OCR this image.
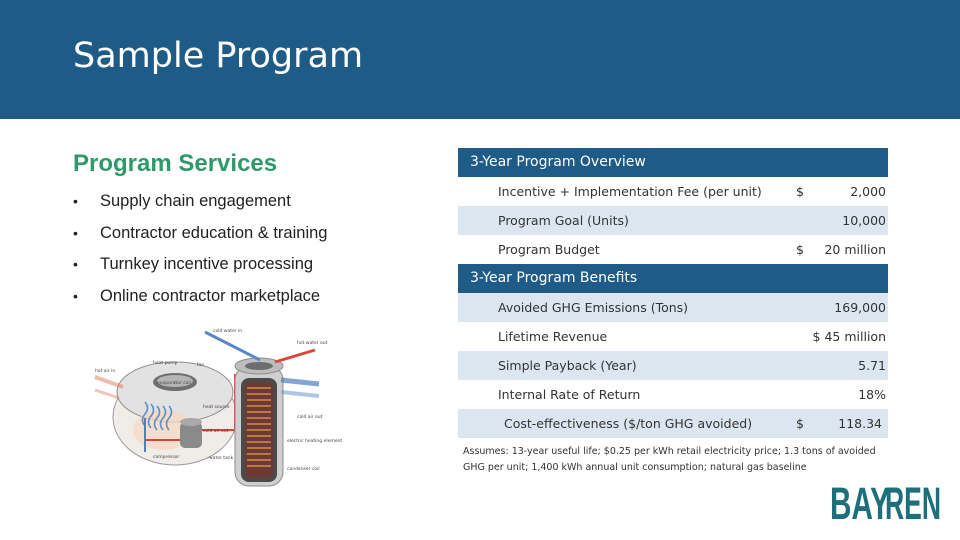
Sample Program
Program Services
• Supply chain engagement
• Contractor education & training
• Turnkey incentive processing
• Online contractor marketplace
cold water in
hot air in
heat pump
evaporator coil
fan
hot water out
heat source
cold air out
cold air out
compressor	water tank
electric heating element
condenser coil
3-Year Program Overview
Incentive + Implementation Fee (per unit)	$	2,000
Program Goal (Units)	10,000
Program Budget	$ 20 million
3-Year Program Benefits
Avoided GHG Emissions (Tons)	169,000
Lifetime Revenue	$ 45 million
Simple Payback (Year)	5.71
Internal Rate of Return	18%
Cost-effectiveness ($/ton GHG avoided)	$	118.34
Assumes: 13-year useful life; $0.25 per kWh retail electricity price; 1.3 tons of avoided GHG per unit; 1,400 kWh annual unit consumption; natural gas baseline
BAY
REN
